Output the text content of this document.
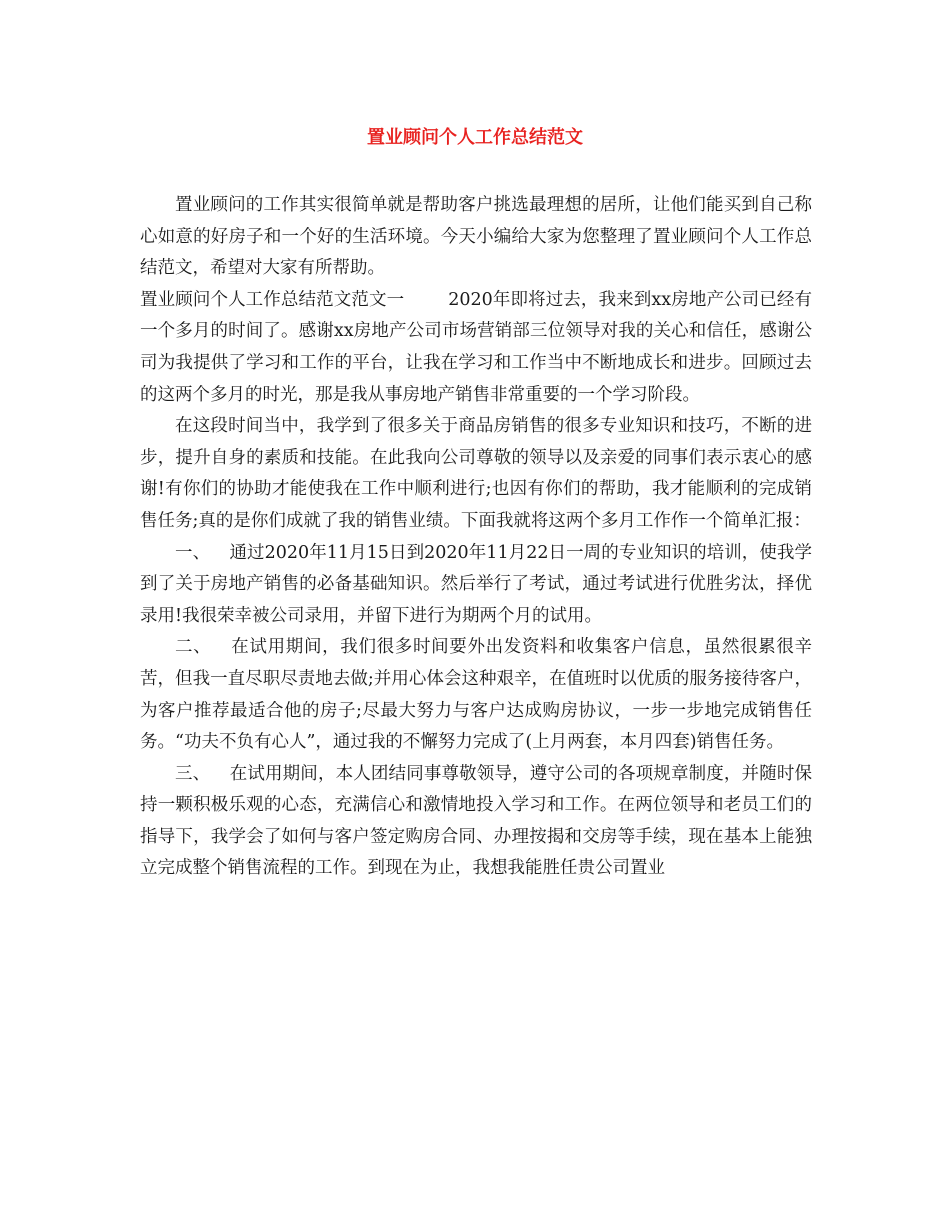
置业顾问个人工作总结范文

置业顾问的工作其实很简单就是帮助客户挑选最理想的居所，让他们能买到自己称心如意的好房子和一个好的生活环境。今天小编给大家为您整理了置业顾问个人工作总结范文，希望对大家有所帮助。

置业顾问个人工作总结范文范文一	2020年即将过去，我来到xx房地产公司已经有一个多月的时间了。感谢xx房地产公司市场营销部三位领导对我的关心和信任，感谢公司为我提供了学习和工作的平台，让我在学习和工作当中不断地成长和进步。回顾过去的这两个多月的时光，那是我从事房地产销售非常重要的一个学习阶段。

在这段时间当中，我学到了很多关于商品房销售的很多专业知识和技巧，不断的进步，提升自身的素质和技能。在此我向公司尊敬的领导以及亲爱的同事们表示衷心的感谢!有你们的协助才能使我在工作中顺利进行;也因有你们的帮助，我才能顺利的完成销售任务;真的是你们成就了我的销售业绩。下面我就将这两个多月工作作一个简单汇报：

一、 通过2020年11月15日到2020年11月22日一周的专业知识的培训，使我学到了关于房地产销售的必备基础知识。然后举行了考试，通过考试进行优胜劣汰，择优录用!我很荣幸被公司录用，并留下进行为期两个月的试用。

二、 在试用期间，我们很多时间要外出发资料和收集客户信息，虽然很累很辛苦，但我一直尽职尽责地去做;并用心体会这种艰辛，在值班时以优质的服务接待客户，为客户推荐最适合他的房子;尽最大努力与客户达成购房协议，一步一步地完成销售任务。“功夫不负有心人”，通过我的不懈努力完成了(上月两套，本月四套)销售任务。

三、 在试用期间，本人团结同事尊敬领导，遵守公司的各项规章制度，并随时保持一颗积极乐观的心态，充满信心和激情地投入学习和工作。在两位领导和老员工们的指导下，我学会了如何与客户签定购房合同、办理按揭和交房等手续，现在基本上能独立完成整个销售流程的工作。到现在为止，我想我能胜任贵公司置业
